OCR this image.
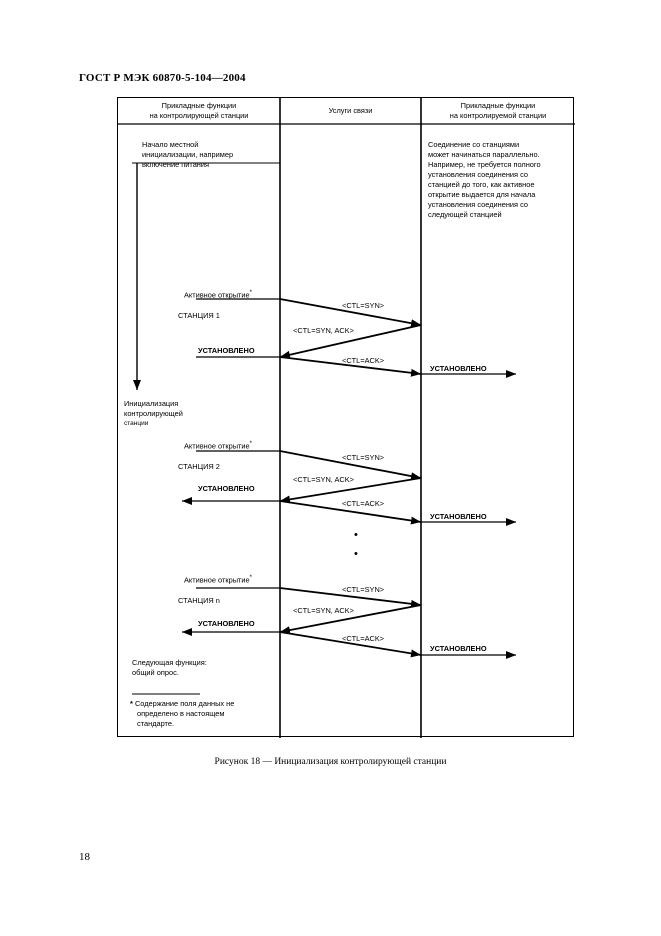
ГОСТ Р МЭК 60870-5-104—2004
Прикладные функции
на контролирующей станции
Услуги связи
Прикладные функции
на контролируемой станции
Начало местной
инициализации, например
включение питания
Инициализация
контролирующей
станции
Соединение со станциями
может начинаться параллельно.
Например, не требуется полного
установления соединения со
станцией до того, как активное
открытие выдается для начала
установления соединения со
следующей станцией
Активное открытие*
<CTL=SYN>
СТАНЦИЯ 1
<CTL=SYN, ACK>
УСТАНОВЛЕНО
<CTL=ACK>
УСТАНОВЛЕНО
Активное открытие*
<CTL=SYN>
СТАНЦИЯ 2
<CTL=SYN, ACK>
УСТАНОВЛЕНО
<CTL=ACK>
УСТАНОВЛЕНО
•
•
Активное открытие*
<CTL=SYN>
СТАНЦИЯ n
<CTL=SYN, ACK>
УСТАНОВЛЕНО
<CTL=ACK>
УСТАНОВЛЕНО
Следующая функция:
общий опрос.
* Содержание поля данных не
определено в настоящем
стандарте.
Рисунок 18 — Инициализация контролирующей станции
18
